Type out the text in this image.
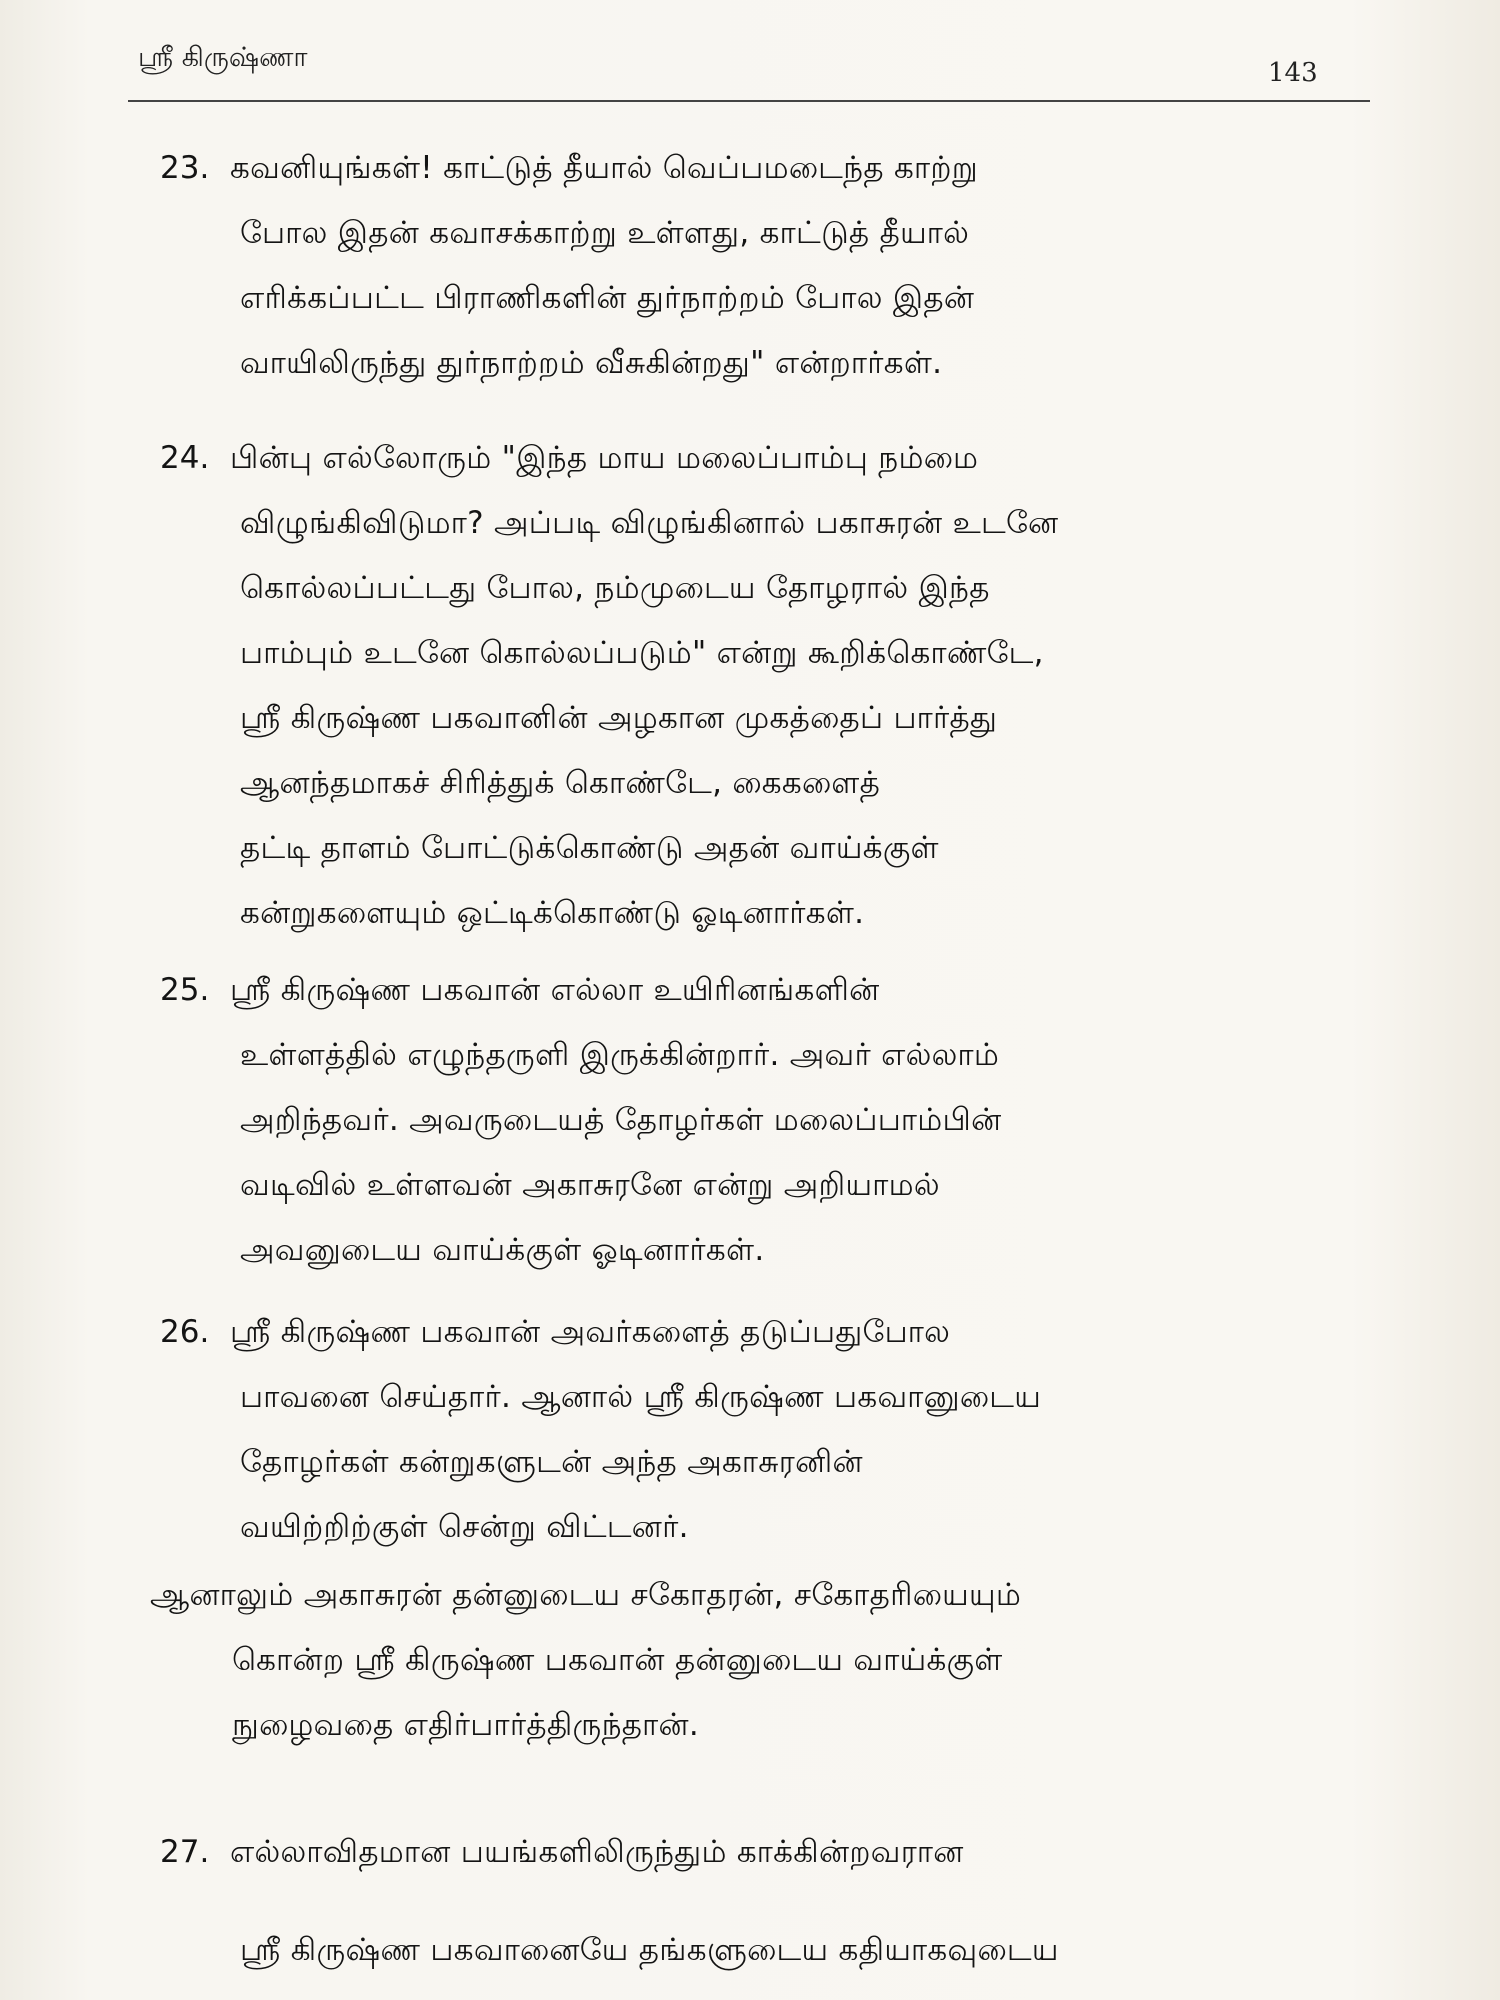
ஸ்ரீ கிருஷ்ணா	143
23. கவனியுங்கள்! காட்டுத் தீயால் வெப்பமடைந்த காற்று
போல இதன் கவாசக்காற்று உள்ளது, காட்டுத் தீயால்
எரிக்கப்பட்ட பிராணிகளின் துர்நாற்றம் போல இதன்
வாயிலிருந்து துர்நாற்றம் வீசுகின்றது" என்றார்கள்.
24. பின்பு எல்லோரும் "இந்த மாய மலைப்பாம்பு நம்மை
விழுங்கிவிடுமா? அப்படி விழுங்கினால் பகாசுரன் உடனே
கொல்லப்பட்டது போல, நம்முடைய தோழரால் இந்த
பாம்பும் உடனே கொல்லப்படும்" என்று கூறிக்கொண்டே,
ஸ்ரீ கிருஷ்ண பகவானின் அழகான முகத்தைப் பார்த்து
ஆனந்தமாகச் சிரித்துக் கொண்டே, கைகளைத்
தட்டி தாளம் போட்டுக்கொண்டு அதன் வாய்க்குள்
கன்றுகளையும் ஒட்டிக்கொண்டு ஓடினார்கள்.
25. ஸ்ரீ கிருஷ்ண பகவான் எல்லா உயிரினங்களின்
உள்ளத்தில் எழுந்தருளி இருக்கின்றார். அவர் எல்லாம்
அறிந்தவர். அவருடையத் தோழர்கள் மலைப்பாம்பின்
வடிவில் உள்ளவன் அகாசுரனே என்று அறியாமல்
அவனுடைய வாய்க்குள் ஓடினார்கள்.
26. ஸ்ரீ கிருஷ்ண பகவான் அவர்களைத் தடுப்பதுபோல
பாவனை செய்தார். ஆனால் ஸ்ரீ கிருஷ்ண பகவானுடைய
தோழர்கள் கன்றுகளுடன் அந்த அகாசுரனின்
வயிற்றிற்குள் சென்று விட்டனர்.
ஆனாலும் அகாசுரன் தன்னுடைய சகோதரன், சகோதரியையும்
கொன்ற ஸ்ரீ கிருஷ்ண பகவான் தன்னுடைய வாய்க்குள்
நுழைவதை எதிர்பார்த்திருந்தான்.
27. எல்லாவிதமான பயங்களிலிருந்தும் காக்கின்றவரான
ஸ்ரீ கிருஷ்ண பகவானையே தங்களுடைய கதியாகவுடைய
